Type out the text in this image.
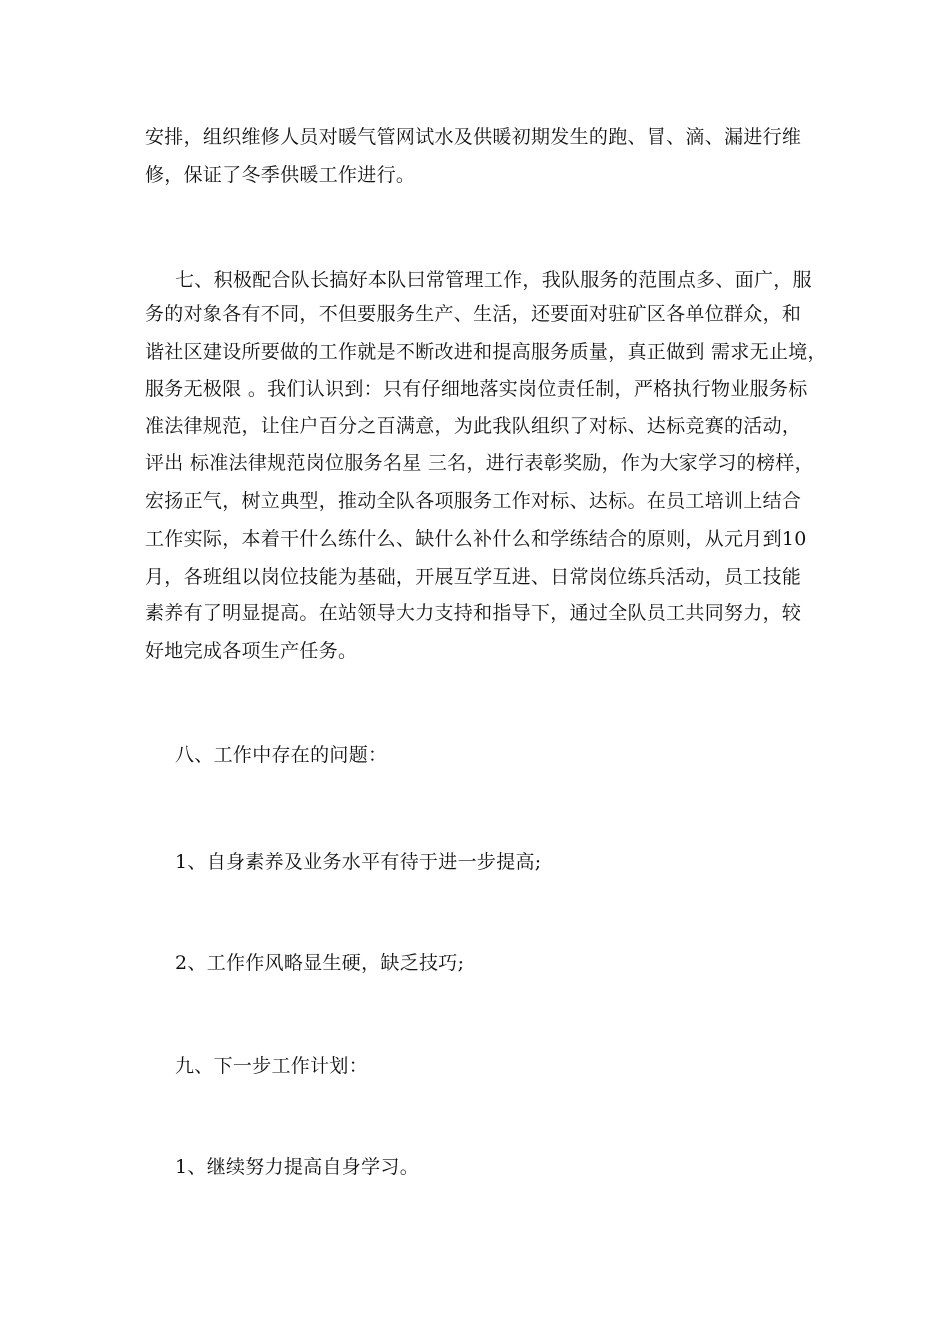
安排，组织维修人员对暖气管网试水及供暖初期发生的跑、冒、滴、漏进行维
修，保证了冬季供暖工作进行。
七、积极配合队长搞好本队曰常管理工作，我队服务的范围点多、面广，服
务的对象各有不同，不但要服务生产、生活，还要面对驻矿区各单位群众，和
谐社区建设所要做的工作就是不断改进和提高服务质量，真正做到 需求无止境，
服务无极限 。我们认识到：只有仔细地落实岗位责任制，严格执行物业服务标
准法律规范，让住户百分之百满意，为此我队组织了对标、达标竞赛的活动，
评出 标准法律规范岗位服务名星 三名，进行表彰奖励，作为大家学习的榜样，
宏扬正气，树立典型，推动全队各项服务工作对标、达标。在员工培训上结合
工作实际，本着干什么练什么、缺什么补什么和学练结合的原则，从元月到10
月，各班组以岗位技能为基础，开展互学互进、日常岗位练兵活动，员工技能
素养有了明显提高。在站领导大力支持和指导下，通过全队员工共同努力，较
好地完成各项生产任务。
八、工作中存在的问题：
1、自身素养及业务水平有待于进一步提高;
2、工作作风略显生硬，缺乏技巧;
九、下一步工作计划：
1、继续努力提高自身学习。
